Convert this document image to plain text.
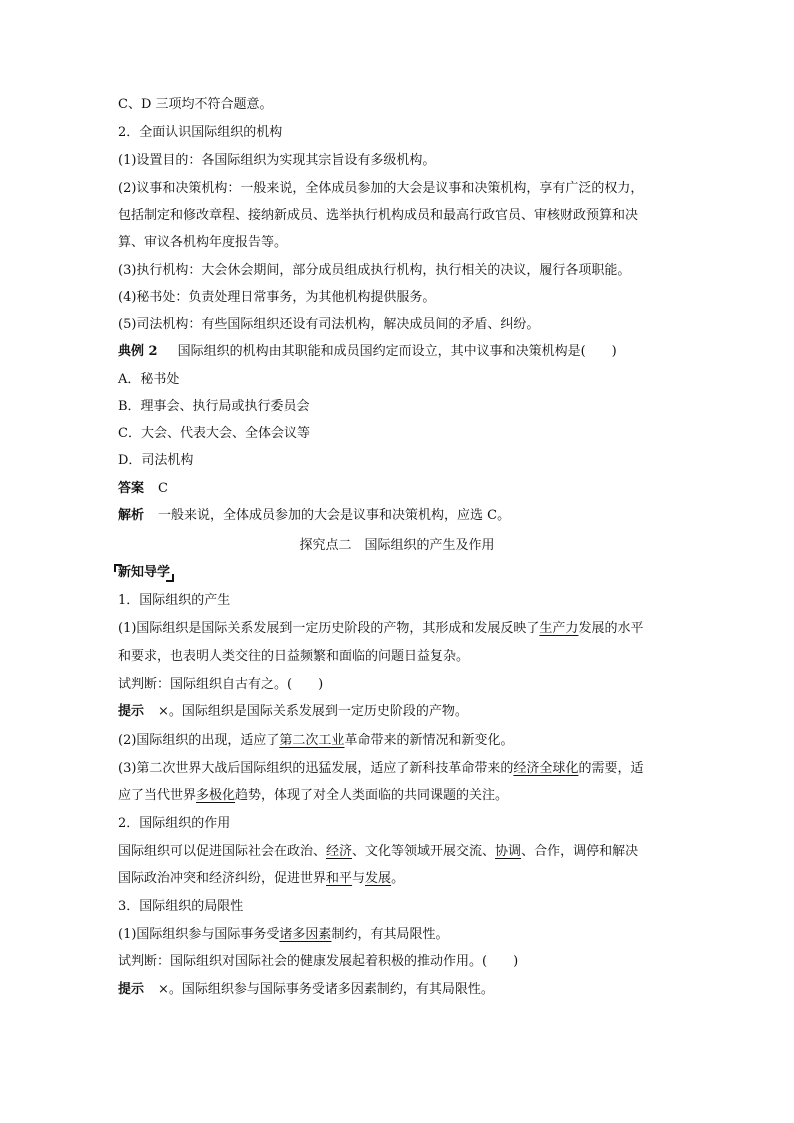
C、D 三项均不符合题意。
2．全面认识国际组织的机构
(1)设置目的：各国际组织为实现其宗旨设有多级机构。
(2)议事和决策机构：一般来说，全体成员参加的大会是议事和决策机构，享有广泛的权力，
包括制定和修改章程、接纳新成员、选举执行机构成员和最高行政官员、审核财政预算和决
算、审议各机构年度报告等。
(3)执行机构：大会休会期间，部分成员组成执行机构，执行相关的决议，履行各项职能。
(4)秘书处：负责处理日常事务，为其他机构提供服务。
(5)司法机构：有些国际组织还设有司法机构，解决成员间的矛盾、纠纷。
典例 2 国际组织的机构由其职能和成员国约定而设立，其中议事和决策机构是(　　)
A．秘书处
B．理事会、执行局或执行委员会
C．大会、代表大会、全体会议等
D．司法机构
答案 C
解析 一般来说，全体成员参加的大会是议事和决策机构，应选 C。
探究点二　国际组织的产生及作用
新知导学
1．国际组织的产生
(1)国际组织是国际关系发展到一定历史阶段的产物，其形成和发展反映了生产力发展的水平
和要求，也表明人类交往的日益频繁和面临的问题日益复杂。
试判断：国际组织自古有之。(　　)
提示 ×。国际组织是国际关系发展到一定历史阶段的产物。
(2)国际组织的出现，适应了第二次工业革命带来的新情况和新变化。
(3)第二次世界大战后国际组织的迅猛发展，适应了新科技革命带来的经济全球化的需要，适
应了当代世界多极化趋势，体现了对全人类面临的共同课题的关注。
2．国际组织的作用
国际组织可以促进国际社会在政治、经济、文化等领域开展交流、协调、合作，调停和解决
国际政治冲突和经济纠纷，促进世界和平与发展。
3．国际组织的局限性
(1)国际组织参与国际事务受诸多因素制约，有其局限性。
试判断：国际组织对国际社会的健康发展起着积极的推动作用。(　　)
提示 ×。国际组织参与国际事务受诸多因素制约，有其局限性。
